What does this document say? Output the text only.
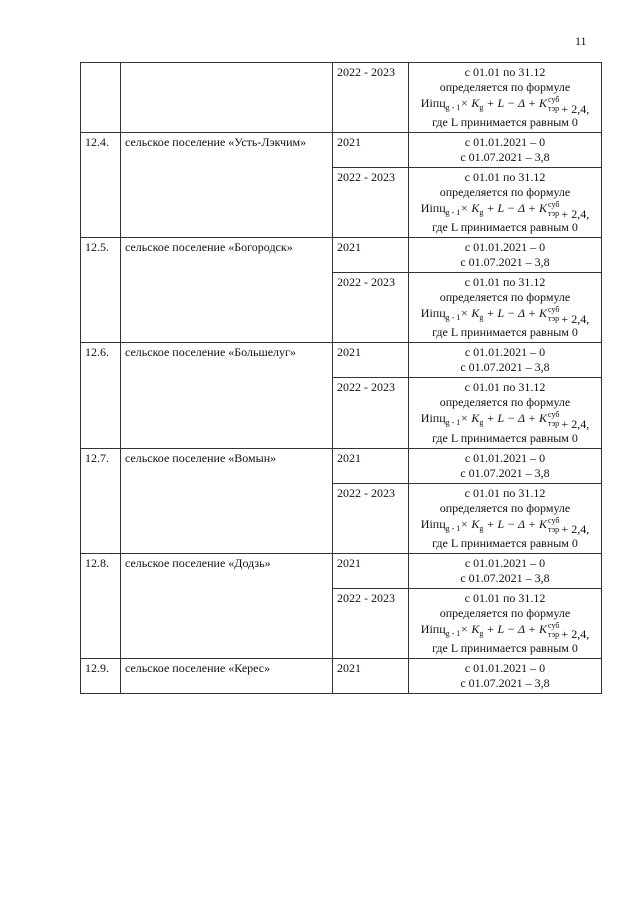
11
		2022 - 2023	с 01.01 по 31.12
определяется по формуле
Иiпц$_{g - 1}$× $K_g + L - \Delta$ + Kсуб
тэр + 2,4,
где L принимается равным 0

12.4.	сельское поселение «Усть-Лэкчим»	2021	с 01.01.2021 – 0
с 01.07.2021 – 3,8

		2022 - 2023	с 01.01 по 31.12
определяется по формуле
Иiпц$_{g - 1}$× $K_g + L - \Delta$ + Kсуб
тэр + 2,4,
где L принимается равным 0

12.5.	сельское поселение «Богородск»	2021	с 01.01.2021 – 0
с 01.07.2021 – 3,8

		2022 - 2023	с 01.01 по 31.12
определяется по формуле
Иiпц$_{g - 1}$× $K_g + L - \Delta$ + Kсуб
тэр + 2,4,
где L принимается равным 0

12.6.	сельское поселение «Большелуг»	2021	с 01.01.2021 – 0
с 01.07.2021 – 3,8

		2022 - 2023	с 01.01 по 31.12
определяется по формуле
Иiпц$_{g - 1}$× $K_g + L - \Delta$ + Kсуб
тэр + 2,4,
где L принимается равным 0

12.7.	сельское поселение «Вомын»	2021	с 01.01.2021 – 0
с 01.07.2021 – 3,8

		2022 - 2023	с 01.01 по 31.12
определяется по формуле
Иiпц$_{g - 1}$× $K_g + L - \Delta$ + Kсуб
тэр + 2,4,
где L принимается равным 0

12.8.	сельское поселение «Додзь»	2021	с 01.01.2021 – 0
с 01.07.2021 – 3,8

		2022 - 2023	с 01.01 по 31.12
определяется по формуле
Иiпц$_{g - 1}$× $K_g + L - \Delta$ + Kсуб
тэр + 2,4,
где L принимается равным 0

12.9.	сельское поселение «Керес»	2021	с 01.01.2021 – 0
с 01.07.2021 – 3,8
